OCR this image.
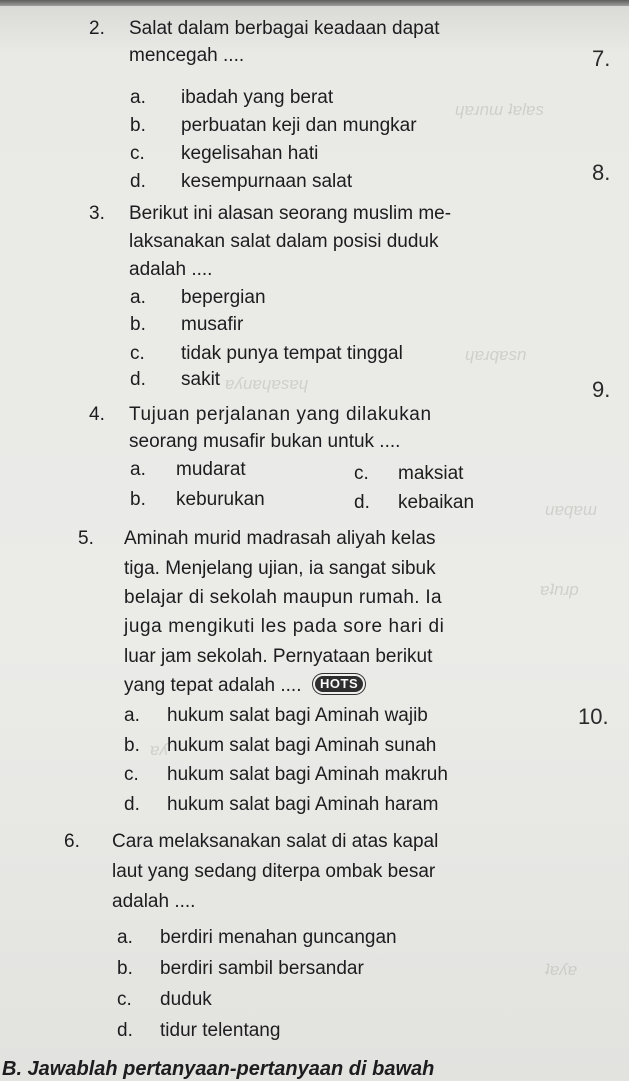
ɥɐɹnɯ ʇɐlɐs
ɥɐɹqɐsn
ɐʎuɐɥɐsɐɥ
uɐqɐɯ
ɐʇnɹp
ɐʎ
ʇɐʎɐ
2. Salat dalam berbagai keadaan dapat
mencegah ....
a. ibadah yang berat
b. perbuatan keji dan mungkar
c. kegelisahan hati
d. kesempurnaan salat
3. Berikut ini alasan seorang muslim me-
laksanakan salat dalam posisi duduk
adalah ....
a. bepergian
b. musafir
c. tidak punya tempat tinggal
d. sakit
4. Tujuan perjalanan yang dilakukan
seorang musafir bukan untuk ....
a. mudarat	c. maksiat
b. keburukan	d. kebaikan
5. Aminah murid madrasah aliyah kelas
tiga. Menjelang ujian, ia sangat sibuk
belajar di sekolah maupun rumah. Ia
juga mengikuti les pada sore hari di
luar jam sekolah. Pernyataan berikut
yang tepat adalah ....	HOTS
a. hukum salat bagi Aminah wajib
b. hukum salat bagi Aminah sunah
c. hukum salat bagi Aminah makruh
d. hukum salat bagi Aminah haram
6. Cara melaksanakan salat di atas kapal
laut yang sedang diterpa ombak besar
adalah ....
a. berdiri menahan guncangan
b. berdiri sambil bersandar
c. duduk
d. tidur telentang
7.
8.
9.
10.
B. Jawablah pertanyaan-pertanyaan di bawah
